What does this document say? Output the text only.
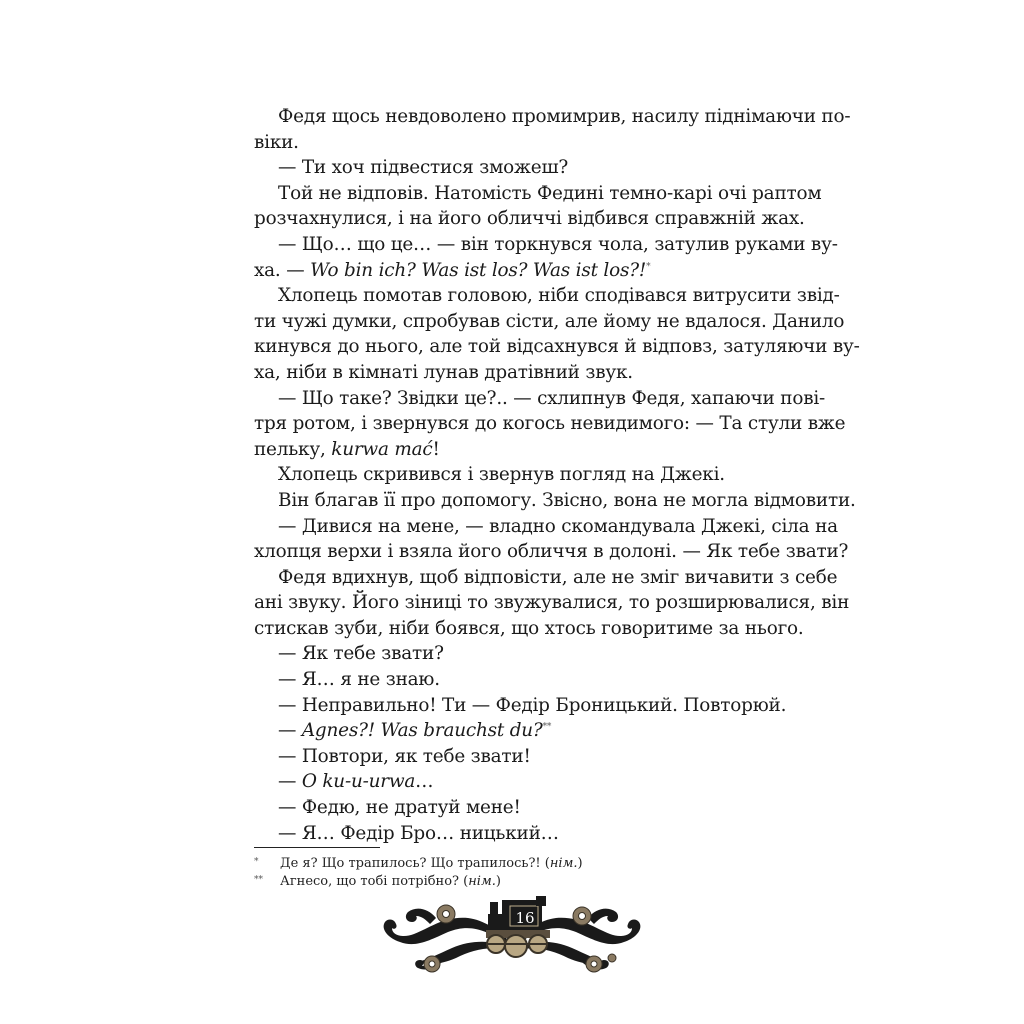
Федя щось невдоволено промимрив, насилу піднімаючи по-
віки.

— Ти хоч підвестися зможеш?

Той не відповів. Натомість Федині темно-карі очі раптом
розчахнулися, і на його обличчі відбився справжній жах.

— Що… що це… — він торкнувся чола, затулив руками ву-
ха. — Wo bin ich? Was ist los? Was ist los?!*

Хлопець помотав головою, ніби сподівався витрусити звід-
ти чужі думки, спробував сісти, але йому не вдалося. Данило
кинувся до нього, але той відсахнувся й відповз, затуляючи ву-
ха, ніби в кімнаті лунав дратівний звук.

— Що таке? Звідки це?.. — схлипнув Федя, хапаючи пові-
тря ротом, і звернувся до когось невидимого: — Та стули вже
пельку, kurwa mać!

Хлопець скривився і звернув погляд на Джекі.

Він благав її про допомогу. Звісно, вона не могла відмовити.

— Дивися на мене, — владно скомандувала Джекі, сіла на
хлопця верхи і взяла його обличчя в долоні. — Як тебе звати?

Федя вдихнув, щоб відповісти, але не зміг вичавити з себе
ані звуку. Його зіниці то звужувалися, то розширювалися, він
стискав зуби, ніби боявся, що хтось говоритиме за нього.

— Як тебе звати?

— Я… я не знаю.

— Неправильно! Ти — Федір Броницький. Повторюй.

— Agnes?! Was brauchst du?**

— Повтори, як тебе звати!

— O ku-u-urwa…

— Федю, не дратуй мене!

— Я… Федір Бро… ницький…

* Де я? Що трапилось? Що трапилось?! (нім.)
** Агнесо, що тобі потрібно? (нім.)
16
